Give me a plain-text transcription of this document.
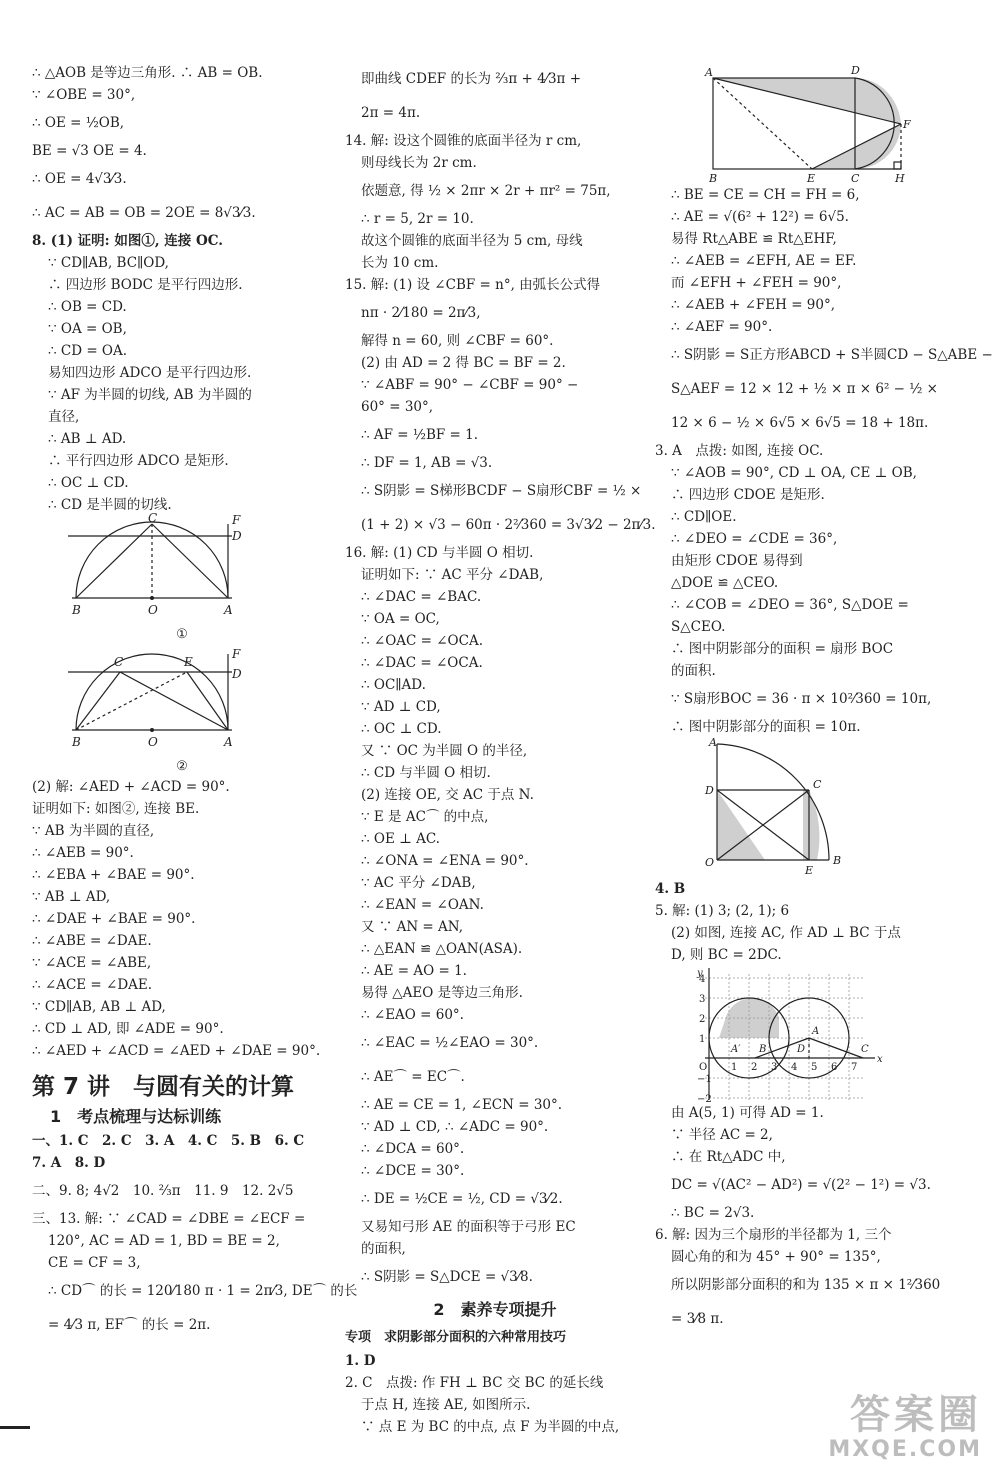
∴ △AOB 是等边三角形. ∴ AB = OB.
∵ ∠OBE = 30°,
∴ OE = ½OB,
BE = √3 OE = 4.
∴ OE = 4√3⁄3.
∴ AC = AB = OB = 2OE = 8√3⁄3.
8. (1) 证明: 如图①, 连接 OC.
∵ CD∥AB, BC∥OD,
∴ 四边形 BODC 是平行四边形.
∴ OB = CD.
∵ OA = OB,
∴ CD = OA.
易知四边形 ADCO 是平行四边形.
∵ AF 为半圆的切线, AB 为半圆的
直径,
∴ AB ⊥ AD.
∴ 平行四边形 ADCO 是矩形.
∴ OC ⊥ CD.
∴ CD 是半圆的切线.
C	F
D
B	O	A
①
C	E
F
D
B	O	A
②
(2) 解: ∠AED + ∠ACD = 90°.
证明如下: 如图②, 连接 BE.
∵ AB 为半圆的直径,
∴ ∠AEB = 90°.
∴ ∠EBA + ∠BAE = 90°.
∵ AB ⊥ AD,
∴ ∠DAE + ∠BAE = 90°.
∴ ∠ABE = ∠DAE.
∵ ∠ACE = ∠ABE,
∴ ∠ACE = ∠DAE.
∵ CD∥AB, AB ⊥ AD,
∴ CD ⊥ AD, 即 ∠ADE = 90°.
∴ ∠AED + ∠ACD = ∠AED + ∠DAE = 90°.
第 7 讲　与圆有关的计算
1　考点梳理与达标训练
一、1. C　2. C　3. A　4. C　5. B　6. C
7. A　8. D
二、9. 8; 4√2　10. ⅔π　11. 9　12. 2√5
三、13. 解: ∵ ∠CAD = ∠DBE = ∠ECF =
120°, AC = AD = 1, BD = BE = 2,
CE = CF = 3,
∴ CD⌒ 的长 = 120⁄180 π · 1 = 2π⁄3, DE⌒ 的长
= 4⁄3 π, EF⌒ 的长 = 2π.
即曲线 CDEF 的长为 ⅔π + 4⁄3π +
2π = 4π.
14. 解: 设这个圆锥的底面半径为 r cm,
则母线长为 2r cm.
依题意, 得 ½ × 2πr × 2r + πr² = 75π,
∴ r = 5, 2r = 10.
故这个圆锥的底面半径为 5 cm, 母线
长为 10 cm.
15. 解: (1) 设 ∠CBF = n°, 由弧长公式得
nπ · 2⁄180 = 2π⁄3,
解得 n = 60, 则 ∠CBF = 60°.
(2) 由 AD = 2 得 BC = BF = 2.
∵ ∠ABF = 90° − ∠CBF = 90° −
60° = 30°,
∴ AF = ½BF = 1.
∴ DF = 1, AB = √3.
∴ S阴影 = S梯形BCDF − S扇形CBF = ½ ×
(1 + 2) × √3 − 60π · 2²⁄360 = 3√3⁄2 − 2π⁄3.
16. 解: (1) CD 与半圆 O 相切.
证明如下: ∵ AC 平分 ∠DAB,
∴ ∠DAC = ∠BAC.
∵ OA = OC,
∴ ∠OAC = ∠OCA.
∴ ∠DAC = ∠OCA.
∴ OC∥AD.
∵ AD ⊥ CD,
∴ OC ⊥ CD.
又 ∵ OC 为半圆 O 的半径,
∴ CD 与半圆 O 相切.
(2) 连接 OE, 交 AC 于点 N.
∵ E 是 AC⌒ 的中点,
∴ OE ⊥ AC.
∴ ∠ONA = ∠ENA = 90°.
∵ AC 平分 ∠DAB,
∴ ∠EAN = ∠OAN.
又 ∵ AN = AN,
∴ △EAN ≌ △OAN(ASA).
∴ AE = AO = 1.
易得 △AEO 是等边三角形.
∴ ∠EAO = 60°.
∴ ∠EAC = ½∠EAO = 30°.
∴ AE⌒ = EC⌒.
∴ AE = CE = 1, ∠ECN = 30°.
∵ AD ⊥ CD, ∴ ∠ADC = 90°.
∴ ∠DCA = 60°.
∴ ∠DCE = 30°.
∴ DE = ½CE = ½, CD = √3⁄2.
又易知弓形 AE 的面积等于弓形 EC
的面积,
∴ S阴影 = S△DCE = √3⁄8.
2　素养专项提升
专项　求阴影部分面积的六种常用技巧
1. D
2. C　点拨: 作 FH ⊥ BC 交 BC 的延长线
于点 H, 连接 AE, 如图所示.
∵ 点 E 为 BC 的中点, 点 F 为半圆的中点,
A	D
F
B	E	C	H
∴ BE = CE = CH = FH = 6,
∴ AE = √(6² + 12²) = 6√5.
易得 Rt△ABE ≌ Rt△EHF,
∴ ∠AEB = ∠EFH, AE = EF.
而 ∠EFH + ∠FEH = 90°,
∴ ∠AEB + ∠FEH = 90°,
∴ ∠AEF = 90°.
∴ S阴影 = S正方形ABCD + S半圆CD − S△ABE −
S△AEF = 12 × 12 + ½ × π × 6² − ½ ×
12 × 6 − ½ × 6√5 × 6√5 = 18 + 18π.
3. A　点拨: 如图, 连接 OC.
∵ ∠AOB = 90°, CD ⊥ OA, CE ⊥ OB,
∴ 四边形 CDOE 是矩形.
∴ CD∥OE.
∴ ∠DEO = ∠CDE = 36°,
由矩形 CDOE 易得到
△DOE ≌ △CEO.
∴ ∠COB = ∠DEO = 36°, S△DOE =
S△CEO.
∴ 图中阴影部分的面积 = 扇形 BOC
的面积.
∵ S扇形BOC = 36 · π × 10²⁄360 = 10π,
∴ 图中阴影部分的面积 = 10π.
A
D	C
O
E
B
4. B
5. 解: (1) 3; (2, 1); 6
(2) 如图, 连接 AC, 作 AD ⊥ BC 于点
D, 则 BC = 2DC.
y
4
3
2
1
−1
−2
O 1 2 3 4 5 6 7
x
A′ B
A
D	C
由 A(5, 1) 可得 AD = 1.
∵ 半径 AC = 2,
∴ 在 Rt△ADC 中,
DC = √(AC² − AD²) = √(2² − 1²) = √3.
∴ BC = 2√3.
6. 解: 因为三个扇形的半径都为 1, 三个
圆心角的和为 45° + 90° = 135°,
所以阴影部分面积的和为 135 × π × 1²⁄360
= 3⁄8 π.
答案圈
MXQE.COM
